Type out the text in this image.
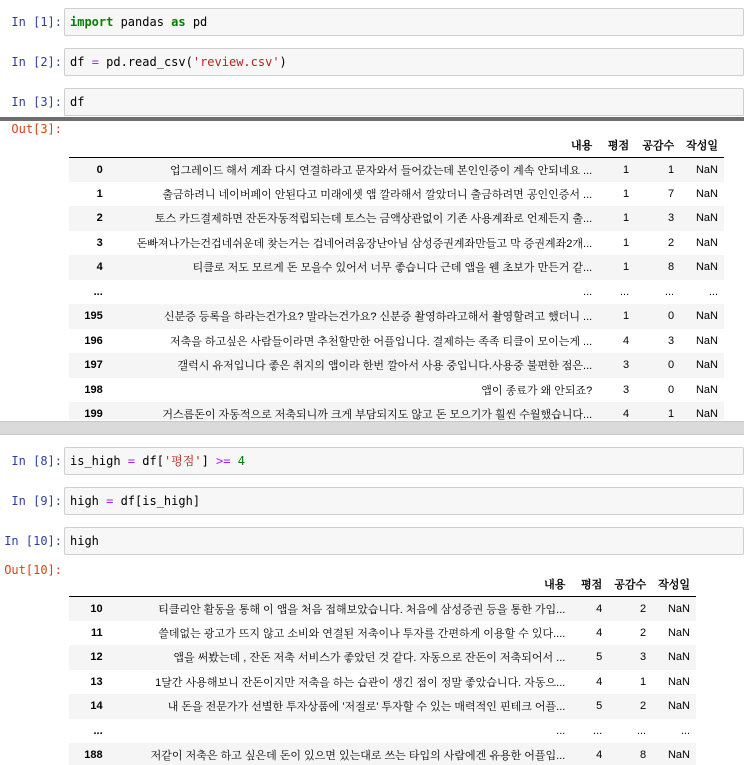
In [1]: import pandas as pd
In [2]: df = pd.read_csv('review.csv')
In [3]: df
Out[3]:
	내용	평점	공감수	작성일
0	업그레이드 해서 계좌 다시 연결하라고 문자와서 들어갔는데 본인인증이 계속 안되네요 ...	1	1	NaN
1	출금하려니 네이버페이 안된다고 미래에셋 앱 깔라해서 깔았더니 출금하려면 공인인증서 ...	1	7	NaN
2	토스 카드결제하면 잔돈자동적립되는데 토스는 금액상관없이 기존 사용계좌로 언제든지 출...	1	3	NaN
3	돈빠져나가는건겁네쉬운데 찾는거는 겁네어려움장난아님 삼성증권계좌만들고 막 증권계좌2개...	1	2	NaN
4	티클로 저도 모르게 돈 모을수 있어서 너무 좋습니다 근데 앱을 웬 초보가 만든거 같...	1	8	NaN
...	...	...	...	...
195	신분증 등록을 하라는건가요? 말라는건가요? 신분증 촬영하라고해서 촬영할려고 했더니 ...	1	0	NaN
196	저축을 하고싶은 사람들이라면 추천할만한 어플입니다. 결제하는 족족 티클이 모이는게 ...	4	3	NaN
197	갤럭시 유저입니다 좋은 취지의 앱이라 한번 깔아서 사용 중입니다.사용중 불편한 점은...	3	0	NaN
198	앱이 종료가 왜 안되죠?	3	0	NaN
199	거스름돈이 자동적으로 저축되니까 크게 부담되지도 않고 돈 모으기가 훨씬 수월했습니다...	4	1	NaN
In [8]: is_high = df['평점'] >= 4
In [9]: high = df[is_high]
In [10]: high
Out[10]:
	내용	평점	공감수	작성일
10	티클리안 활동을 통해 이 앱을 처음 접해보았습니다. 처음에 삼성증권 등을 통한 가입...	4	2	NaN
11	쓸데없는 광고가 뜨지 않고 소비와 연결된 저축이나 투자를 간편하게 이용할 수 있다....	4	2	NaN
12	앱을 써봤는데 , 잔돈 저축 서비스가 좋았던 것 같다. 자동으로 잔돈이 저축되어서 ...	5	3	NaN
13	1달간 사용해보니 잔돈이지만 저축을 하는 습관이 생긴 점이 정말 좋았습니다. 자동으...	4	1	NaN
14	내 돈을 전문가가 선별한 투자상품에 '저절로' 투자할 수 있는 매력적인 핀테크 어플...	5	2	NaN
...	...	...	...	...
188	저같이 저축은 하고 싶은데 돈이 있으면 있는대로 쓰는 타입의 사람에겐 유용한 어플입...	4	8	NaN
